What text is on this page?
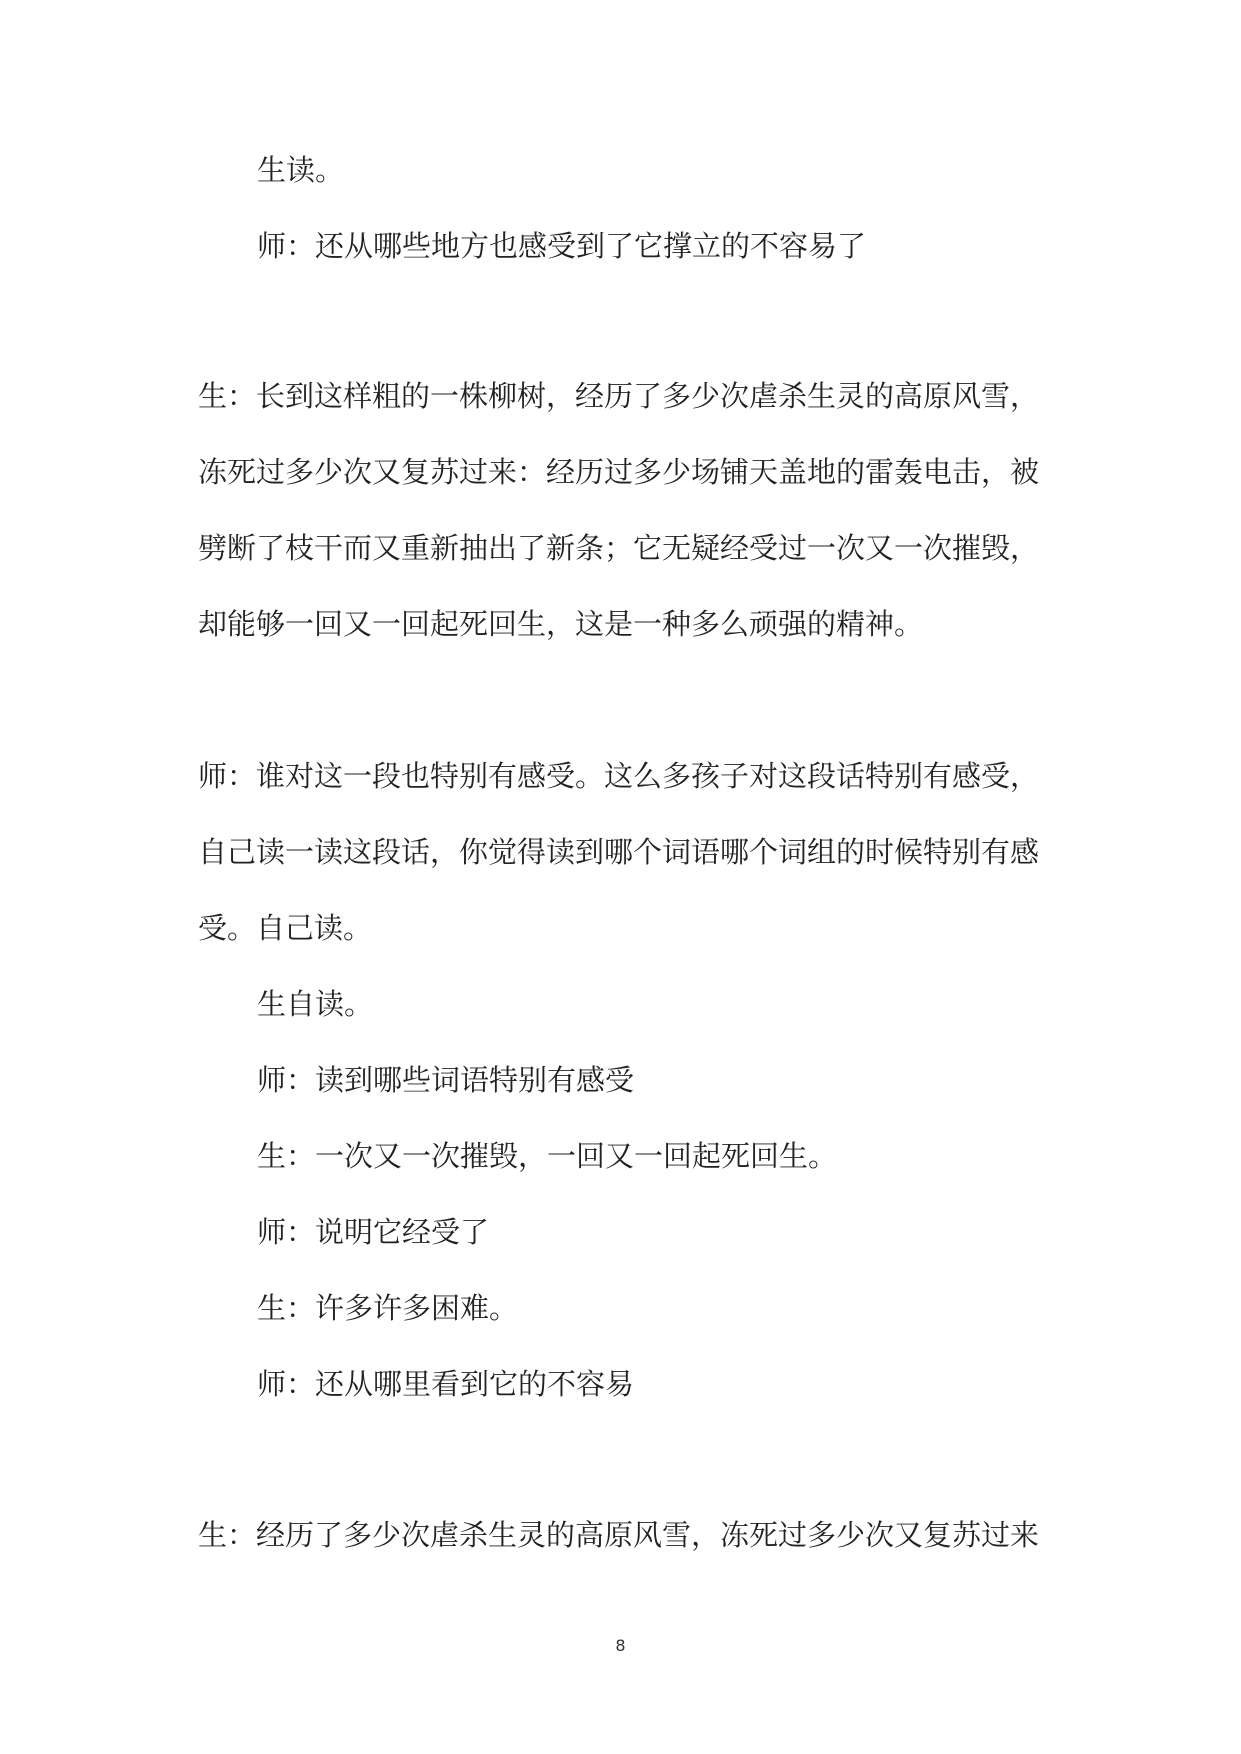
生读。
师：还从哪些地方也感受到了它撑立的不容易了
生：长到这样粗的一株柳树，经历了多少次虐杀生灵的高原风雪，
冻死过多少次又复苏过来：经历过多少场铺天盖地的雷轰电击，被
劈断了枝干而又重新抽出了新条；它无疑经受过一次又一次摧毁，
却能够一回又一回起死回生，这是一种多么顽强的精神。
师：谁对这一段也特别有感受。这么多孩子对这段话特别有感受，
自己读一读这段话，你觉得读到哪个词语哪个词组的时候特别有感
受。自己读。
生自读。
师：读到哪些词语特别有感受
生：一次又一次摧毁，一回又一回起死回生。
师：说明它经受了
生：许多许多困难。
师：还从哪里看到它的不容易
生：经历了多少次虐杀生灵的高原风雪，冻死过多少次又复苏过来
8
